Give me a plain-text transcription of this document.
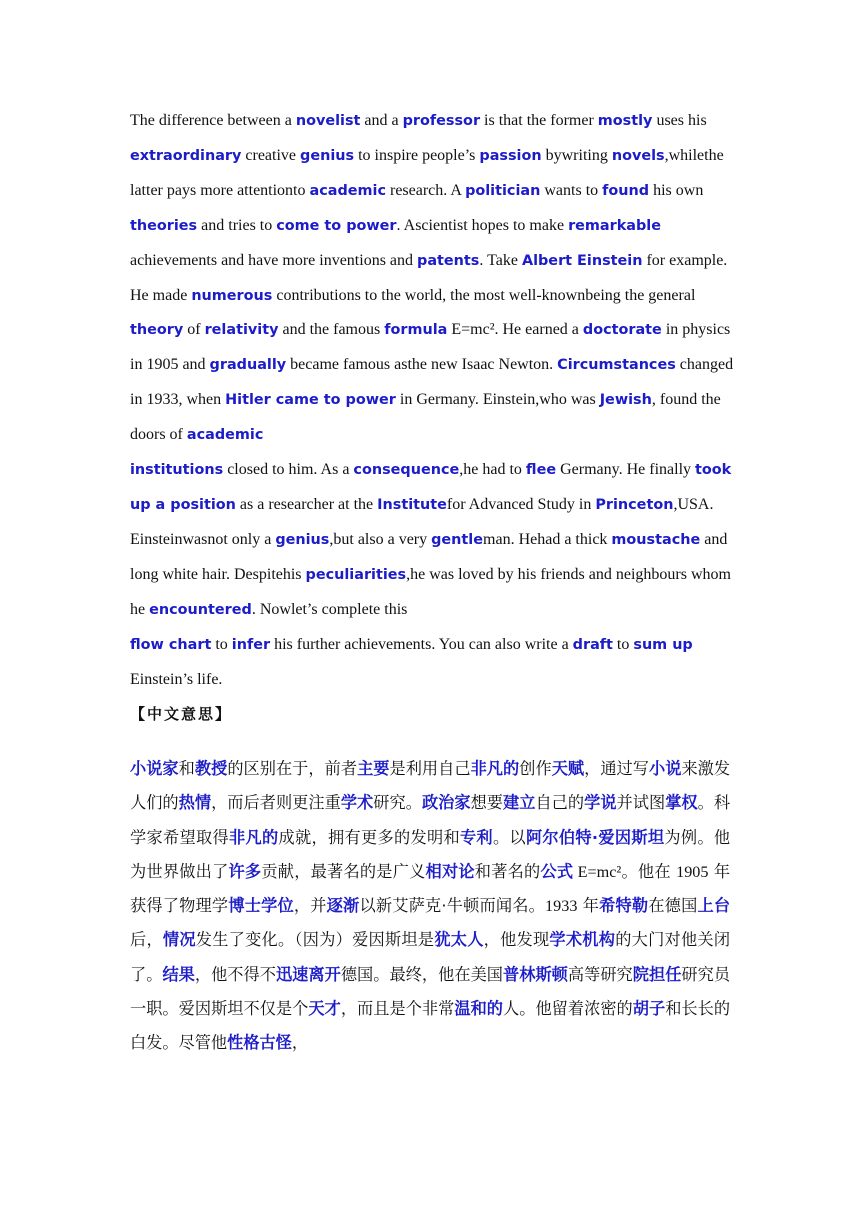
The difference between a novelist and a professor is that the former mostly uses his extraordinary creative genius to inspire people’s passion bywriting novels,whilethe latter pays more attentionto academic research. A politician wants to found his own theories and tries to come to power. Ascientist hopes to make remarkable achievements and have more inventions and patents. Take Albert Einstein for example. He made numerous contributions to the world, the most well-knownbeing the general theory of relativity and the famous formula E=mc². He earned a doctorate in physics in 1905 and gradually became famous asthe new Isaac Newton. Circumstances changed in 1933, when Hitler came to power in Germany. Einstein,who was Jewish, found the doors of academic
institutions closed to him. As a consequence,he had to flee Germany. He finally took up a position as a researcher at the Institutefor Advanced Study in Princeton,USA. Einsteinwasnot only a genius,but also a very gentleman. Hehad a thick moustache and long white hair. Despitehis peculiarities,he was loved by his friends and neighbours whom he encountered. Nowlet’s complete this
flow chart to infer his further achievements. You can also write a draft to sum up Einstein’s life.
【中文意思】
小说家和教授的区别在于，前者主要是利用自己非凡的创作天赋，通过写小说来激发人们的热情，而后者则更注重学术研究。政治家想要建立自己的学说并试图掌权。科学家希望取得非凡的成就，拥有更多的发明和专利。以阿尔伯特·爱因斯坦为例。他为世界做出了许多贡献，最著名的是广义相对论和著名的公式 E=mc²。他在 1905 年获得了物理学博士学位，并逐渐以新艾萨克·牛顿而闻名。1933 年希特勒在德国上台后，情况发生了变化。（因为）爱因斯坦是犹太人，他发现学术机构的大门对他关闭了。结果，他不得不迅速离开德国。最终，他在美国普林斯顿高等研究院担任研究员一职。爱因斯坦不仅是个天才，而且是个非常温和的人。他留着浓密的胡子和长长的白发。尽管他性格古怪，
